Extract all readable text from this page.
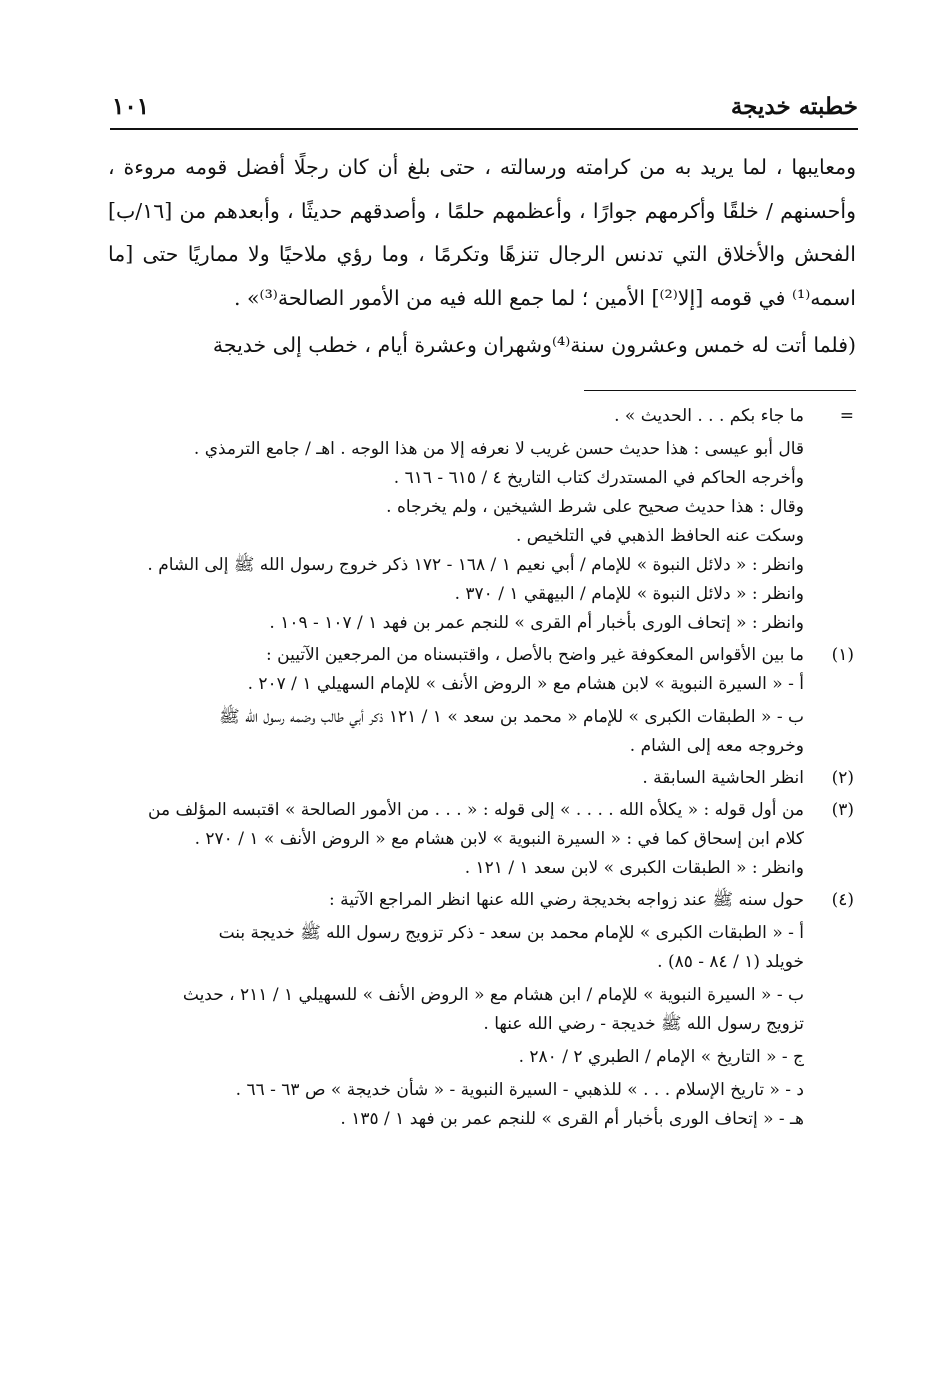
خطبته خديجة
١٠١

ومعايبها ، لما يريد به من كرامته ورسالته ، حتى بلغ أن كان رجلًا أفضل قومه مروءة ، وأحسنهم / خلقًا وأكرمهم جوارًا ، وأعظمهم حلمًا ، وأصدقهم حديثًا ، وأبعدهم من [١٦/ب] الفحش والأخلاق التي تدنس الرجال تنزهًا وتكرمًا ، وما رؤي ملاحيًا ولا مماريًا حتى [ما اسمه⁽¹⁾ في قومه [إلا⁽²⁾] الأمين ؛ لما جمع الله فيه من الأمور الصالحة⁽³⁾» .

(فلما أتت له خمس وعشرون سنة⁽⁴⁾وشهران وعشرة أيام ، خطب إلى خديجة

=
ما جاء بكم . . . الحديث » .
قال أبو عيسى : هذا حديث حسن غريب لا نعرفه إلا من هذا الوجه . اهـ / جامع الترمذي .
وأخرجه الحاكم في المستدرك كتاب التاريخ ٤ / ٦١٥ - ٦١٦ .
وقال : هذا حديث صحيح على شرط الشيخين ، ولم يخرجاه .
وسكت عنه الحافظ الذهبي في التلخيص .
وانظر : « دلائل النبوة » للإمام / أبي نعيم ١ / ١٦٨ - ١٧٢ ذكر خروج رسول الله ﷺ إلى الشام .
وانظر : « دلائل النبوة » للإمام / البيهقي ١ / ٣٧٠ .
وانظر : « إتحاف الورى بأخبار أم القرى » للنجم عمر بن فهد ١ / ١٠٧ - ١٠٩ .
(١)
ما بين الأقواس المعكوفة غير واضح بالأصل ، واقتبسناه من المرجعين الآتيين :
أ - « السيرة النبوية » لابن هشام مع « الروض الأنف » للإمام السهيلي ١ / ٢٠٧ .
ب - « الطبقات الكبرى » للإمام « محمد بن سعد » ١ / ١٢١ ذكر أبي طالب وضمه رسول الله ﷺ
وخروجه معه إلى الشام .
(٢)
انظر الحاشية السابقة .
(٣)
من أول قوله : « يكلأه الله . . . . » إلى قوله : « . . . من الأمور الصالحة » اقتبسه المؤلف من
كلام ابن إسحاق كما في : « السيرة النبوية » لابن هشام مع « الروض الأنف » ١ / ٢٧٠ .
وانظر : « الطبقات الكبرى » لابن سعد ١ / ١٢١ .
(٤)
حول سنه ﷺ عند زواجه بخديجة رضي الله عنها انظر المراجع الآتية :
أ - « الطبقات الكبرى » للإمام محمد بن سعد - ذكر تزويج رسول الله ﷺ خديجة بنت
خويلد (١ / ٨٤ - ٨٥) .
ب - « السيرة النبوية » للإمام / ابن هشام مع « الروض الأنف » للسهيلي ١ / ٢١١ ، حديث
تزويج رسول الله ﷺ خديجة - رضي الله عنها .
ج - « التاريخ » الإمام / الطبري ٢ / ٢٨٠ .
د - « تاريخ الإسلام . . . » للذهبي - السيرة النبوية - « شأن خديجة » ص ٦٣ - ٦٦ .
هـ - « إتحاف الورى بأخبار أم القرى » للنجم عمر بن فهد ١ / ١٣٥ .
